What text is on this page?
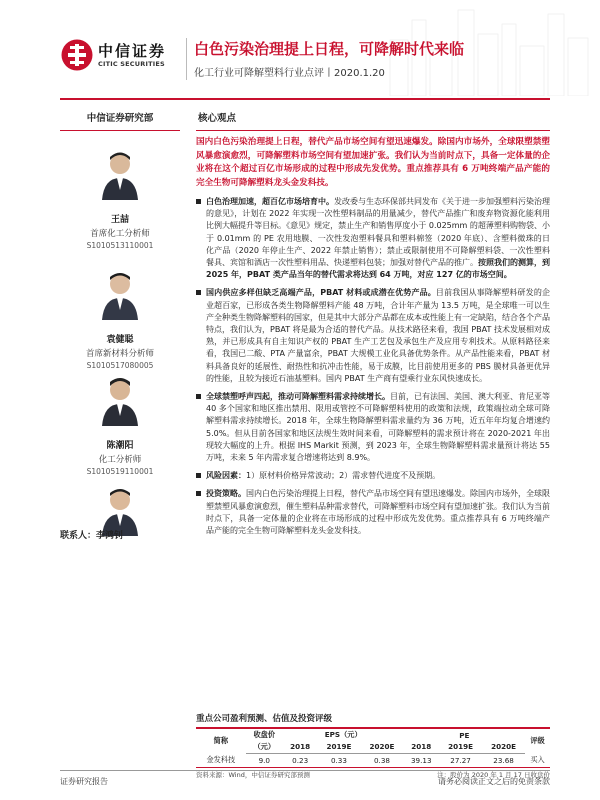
中信证券
CITIC SECURITIES
白色污染治理提上日程，可降解时代来临
化工行业可降解塑料行业点评丨2020.1.20
中信证券研究部
王喆
首席化工分析师
S1010513110001
袁健聪
首席新材料分析师
S1010517080005
陈潮阳
化工分析师
S1010519110001
联系人：李鸿钊
核心观点
国内白色污染治理提上日程，替代产品市场空间有望迅速爆发。除国内市场外，全球限塑禁塑风暴愈演愈烈，可降解塑料市场空间有望加速扩张。我们认为当前时点下，具备一定体量的企业将在这个超过百亿市场形成的过程中形成先发优势。重点推荐具有 6 万吨终端产品产能的完全生物可降解塑料龙头金发科技。
白色治理加速，超百亿市场培育中。发改委与生态环保部共同发布《关于进一步加强塑料污染治理的意见》，计划在 2022 年实现一次性塑料制品的用量减少，替代产品推广和废弃物资源化能利用比例大幅提升等目标。《意见》规定，禁止生产和销售厚度小于 0.025mm 的超薄塑料购物袋、小于 0.01mm 的 PE 农用地膜、一次性发泡塑料餐具和塑料棉签（2020 年底）、含塑料微珠的日化产品（2020 年停止生产、2022 年禁止销售）；禁止或限制使用不可降解塑料袋、一次性塑料餐具、宾馆和酒店一次性塑料用品、快递塑料包装；加强对替代产品的推广。按照我们的测算，到 2025 年，PBAT 类产品当年的替代需求将达到 64 万吨，对应 127 亿的市场空间。
国内供应多样但缺乏高端产品，PBAT 材料或成潜在优势产品。目前我国从事降解塑料研发的企业超百家，已形成各类生物降解塑料产能 48 万吨，合计年产量为 13.5 万吨，是全球唯一可以生产全种类生物降解塑料的国家，但是其中大部分产品都在成本或性能上有一定缺陷，结合各个产品特点，我们认为，PBAT 将是最为合适的替代产品。从技术路径来看，我国 PBAT 技术发展相对成熟，并已形成具有自主知识产权的 PBAT 生产工艺包及承包生产及应用专利技术。从原料路径来看，我国已二酸、PTA 产量富余，PBAT 大规模工业化具备优势条件。从产品性能来看，PBAT 材料具备良好的延展性、耐热性和抗冲击性能，易于成膜，比目前使用更多的 PBS 膜材具备更优异的性能，且较为接近石油基塑料。国内 PBAT 生产商有望乘行业东风快速成长。
全球禁塑呼声四起，推动可降解塑料需求持续增长。目前，已有法国、美国、澳大利亚、肯尼亚等 40 多个国家和地区推出禁用、限用或管控不可降解塑料使用的政策和法规，政策端拉动全球可降解塑料需求持续增长。2018 年，全球生物降解塑料需求量约为 36 万吨，近五年年均复合增速约 5.0%。但从目前各国家和地区法规生效时间来看，可降解塑料的需求预计将在 2020-2021 年出现较大幅度的上升。根据 IHS Markit 预测，到 2023 年，全球生物降解塑料需求量预计将达 55 万吨，未来 5 年内需求复合增速将达到 8.9%。
风险因素：1）原材料价格异常波动；2）需求替代进度不及预期。
投资策略。国内白色污染治理提上日程，替代产品市场空间有望迅速爆发。除国内市场外，全球限塑禁塑风暴愈演愈烈，催生塑料品种需求替代，可降解塑料市场空间有望加速扩张。我们认为当前时点下，具备一定体量的企业将在市场形成的过程中形成先发优势。重点推荐具有 6 万吨终端产品产能的完全生物可降解塑料龙头金发科技。
重点公司盈利预测、估值及投资评级
简称	收盘价	EPS（元）			PE			评级
	（元）	2018	2019E	2020E	2018	2019E	2020E	
金发科技	9.0	0.23	0.33	0.38	39.13	27.27	23.68	买入
资料来源：Wind，中信证券研究部预测	注：股价为 2020 年 1 月 17 日收盘价
证券研究报告	请务必阅读正文之后的免责条款
